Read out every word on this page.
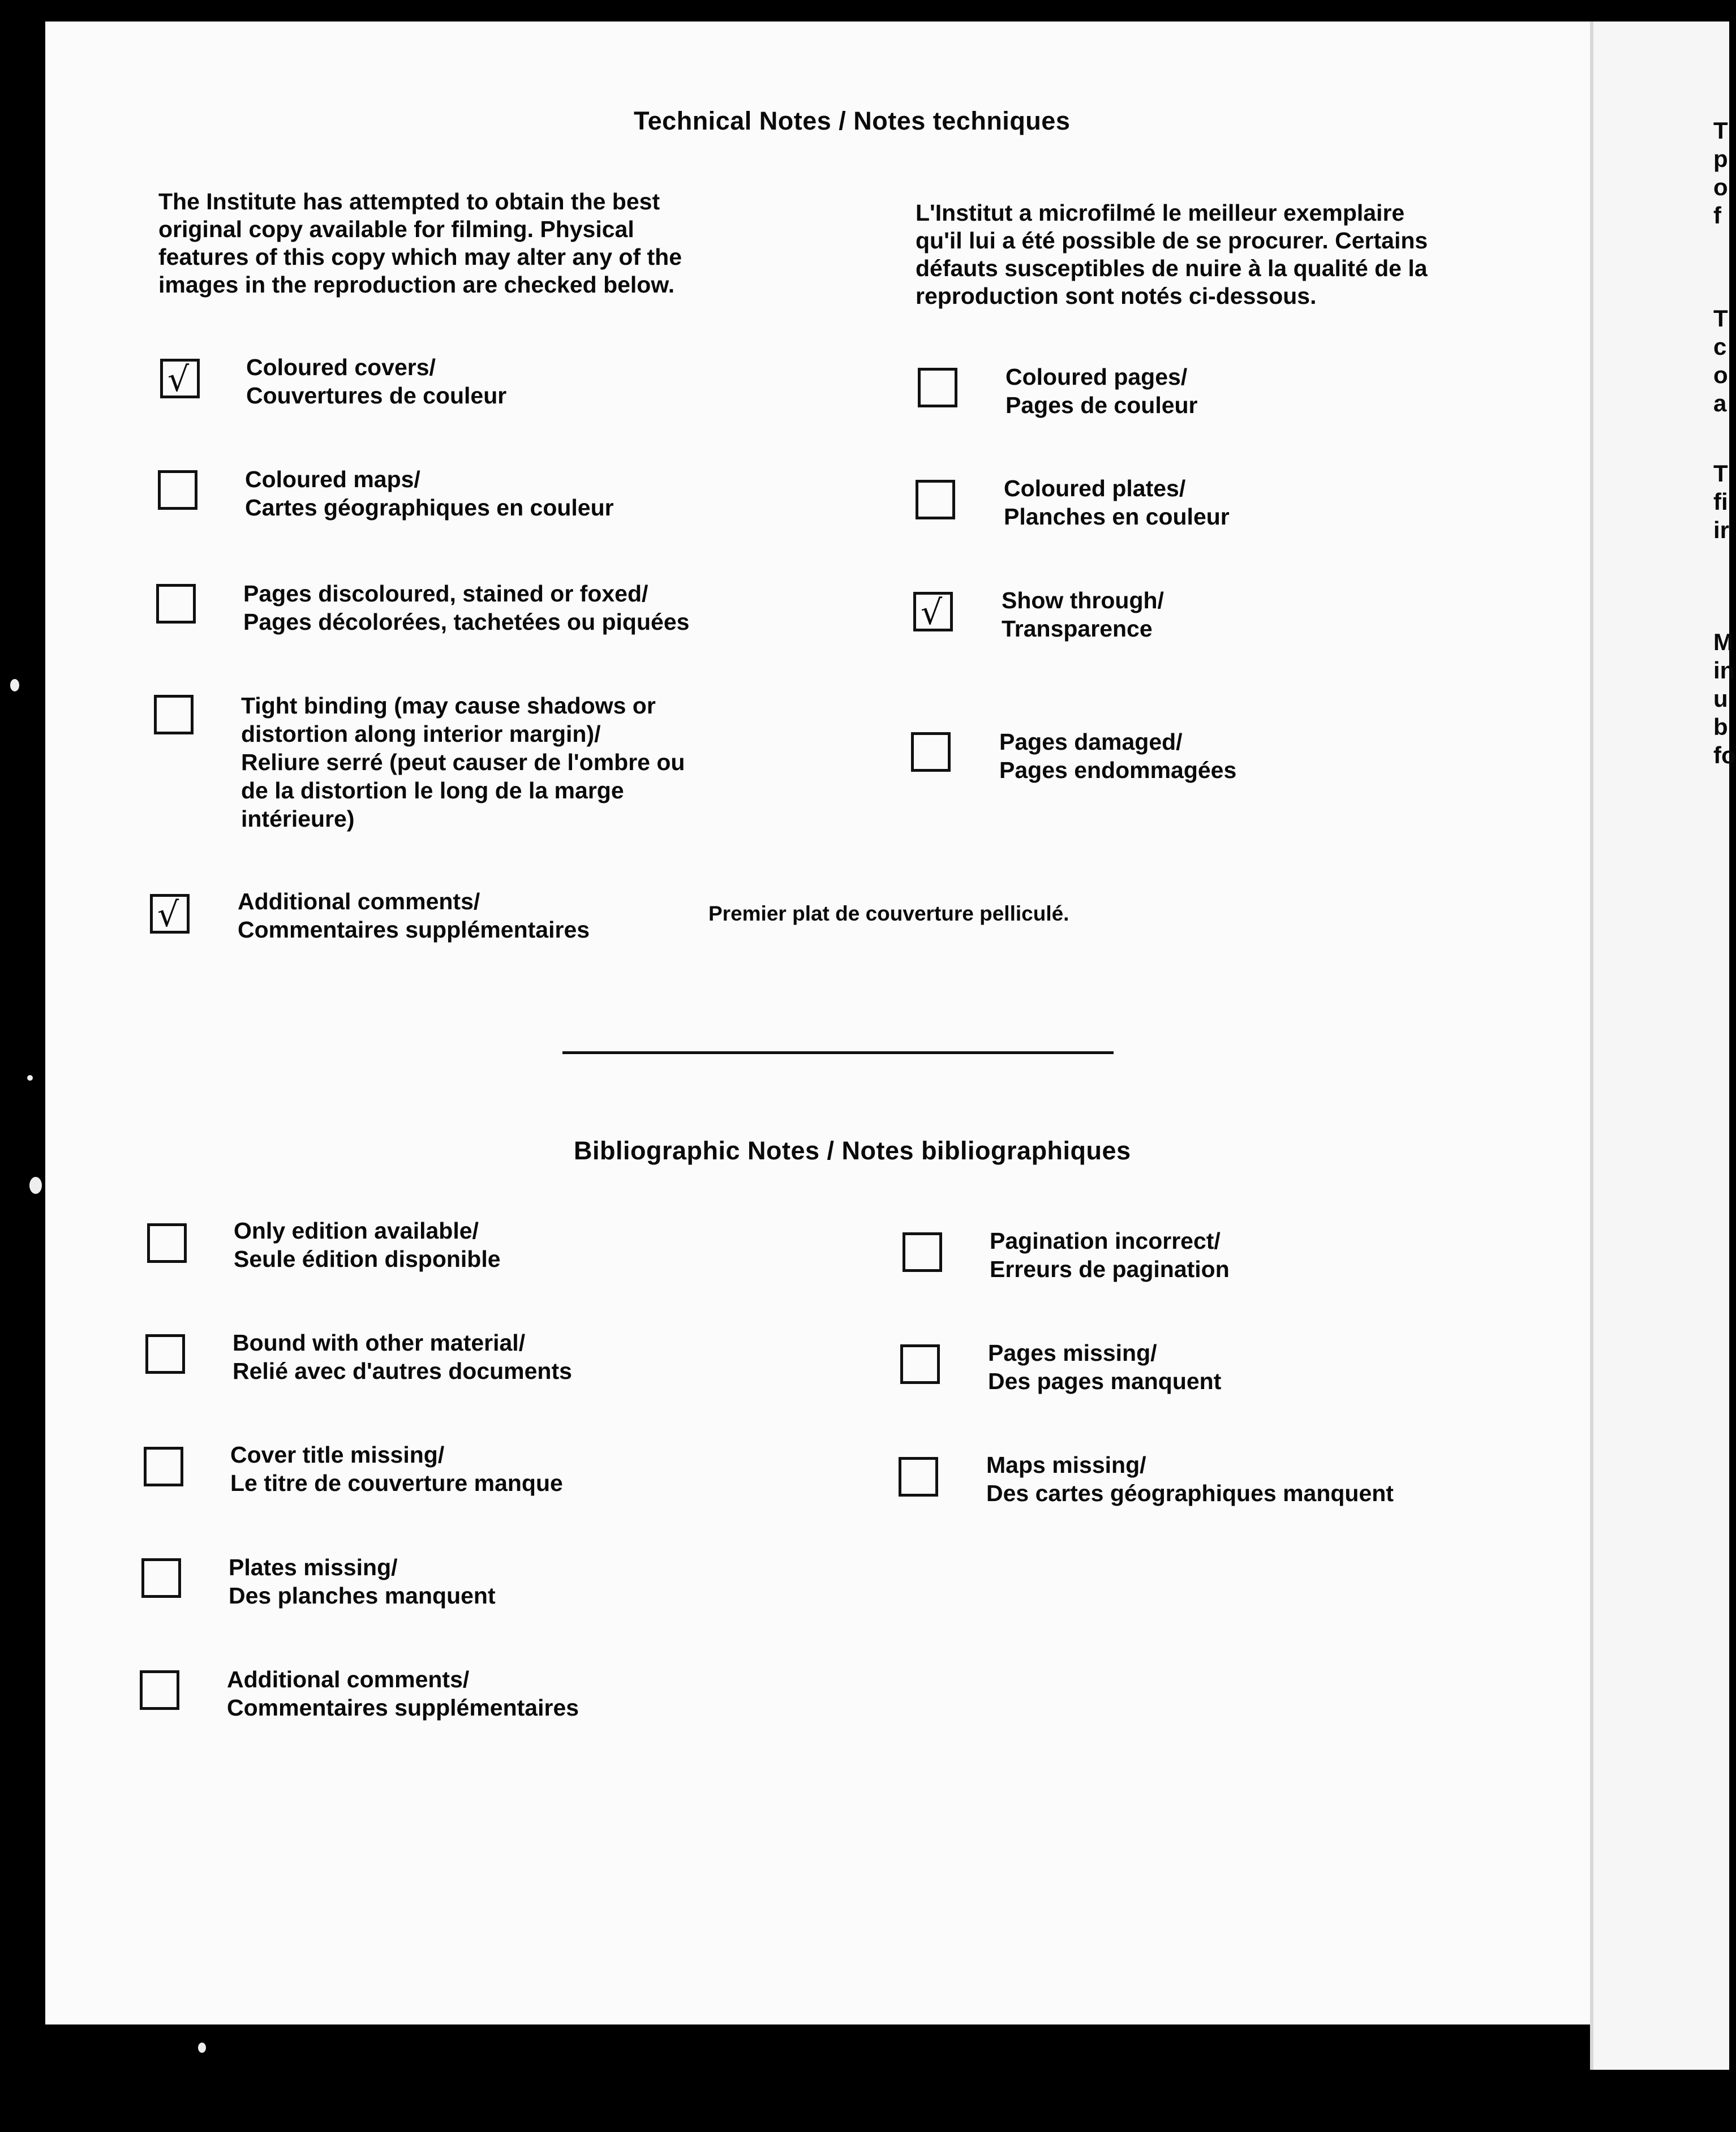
Technical Notes / Notes techniques
The Institute has attempted to obtain the best
original copy available for filming. Physical
features of this copy which may alter any of the
images in the reproduction are checked below.
L'Institut a microfilmé le meilleur exemplaire
qu'il lui a été possible de se procurer. Certains
défauts susceptibles de nuire à la qualité de la
reproduction sont notés ci-dessous.
√ Coloured covers/
Couvertures de couleur
Coloured maps/
Cartes géographiques en couleur
Pages discoloured, stained or foxed/
Pages décolorées, tachetées ou piquées
Tight binding (may cause shadows or
distortion along interior margin)/
Reliure serré (peut causer de l'ombre ou
de la distortion le long de la marge
intérieure)
√	Additional comments/
Commentaires supplémentaires
Premier plat de couverture pelliculé.
Coloured pages/
Pages de couleur
Coloured plates/
Planches en couleur
√	Show through/
Transparence
Pages damaged/
Pages endommagées
Bibliographic Notes / Notes bibliographiques
Only edition available/
Seule édition disponible
Bound with other material/
Relié avec d'autres documents
Cover title missing/
Le titre de couverture manque
Plates missing/
Des planches manquent
Additional comments/
Commentaires supplémentaires
Pagination incorrect/
Erreurs de pagination
Pages missing/
Des pages manquent
Maps missing/
Des cartes géographiques manquent
T
p
o
f
T
c
o
a
T
fi
ir
M
in
u
b
fo
